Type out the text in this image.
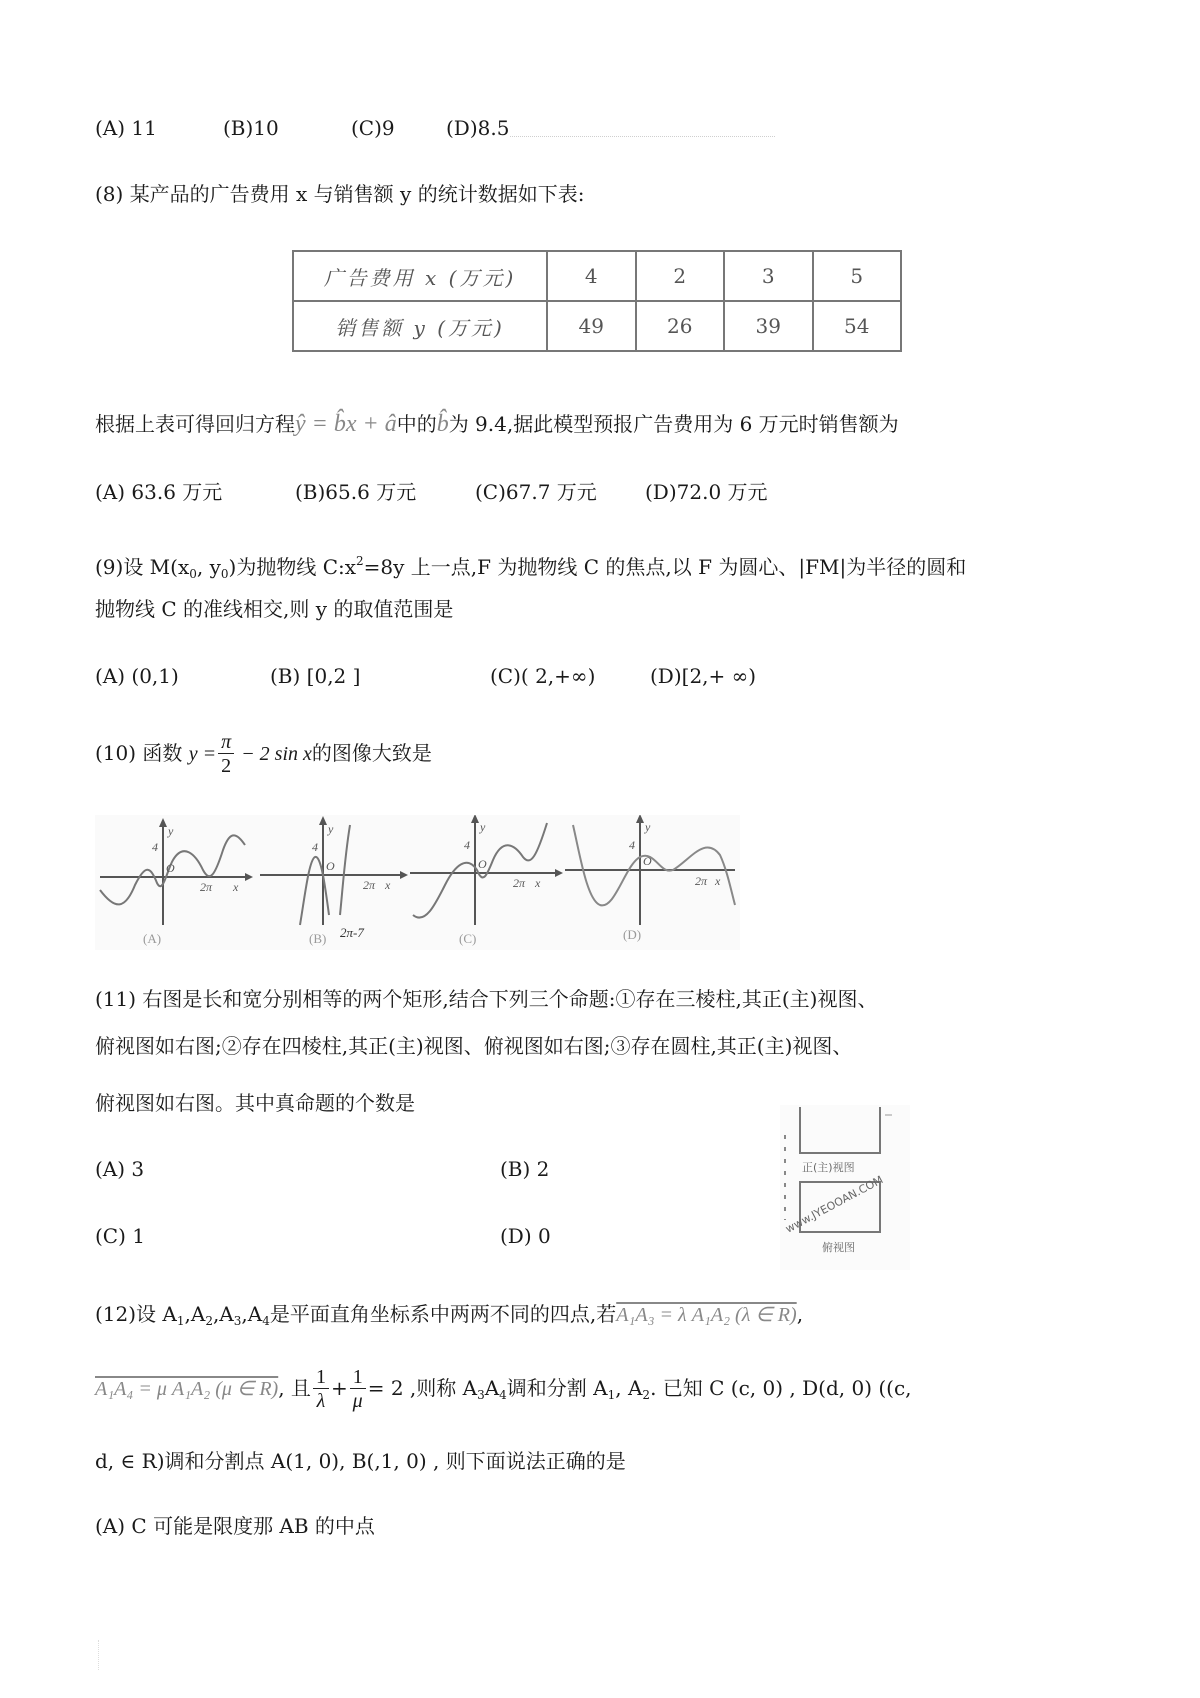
(A) 11	(B)10	(C)9	(D)8.5
(8) 某产品的广告费用 x 与销售额 y 的统计数据如下表:
广告费用 x (万元)	4	2	3	5
销售额 y (万元)	49	26	39	54
根据上表可得回归方程ŷ = b̂x + â中的b̂为 9.4,据此模型预报广告费用为 6 万元时销售额为
(A) 63.6 万元	(B)65.6 万元	(C)67.7 万元 (D)72.0 万元
(9)设 $M(x_0$, $y_0$)为抛物线 $C:x^2=8y$ 上一点,F 为抛物线 C 的焦点,以 F 为圆心、|FM|为半径的圆和
抛物线 C 的准线相交,则 y 的取值范围是
(A) (0,1)	(B) [0,2 ]	(C)( 2,+∞)	(D)[2,+ ∞)
(10) 函数 $y = \frac{\pi}{2} - 2$ sin x的图像大致是
y	y	y	y
x	x	x	x
4	4	4	4
O	O	O	O
2π	2π	2π	2π
(A)	(B)	(C)	(D)
2π-7
(11) 右图是长和宽分别相等的两个矩形,结合下列三个命题:①存在三棱柱,其正(主)视图、
俯视图如右图;②存在四棱柱,其正(主)视图、俯视图如右图;③存在圆柱,其正(主)视图、
俯视图如右图。其中真命题的个数是
(A) 3	(B) 2
(C) 1	(D) 0
正(主)视图
www.JYEOOAN.COM
俯视图
(12)设 $A_1,A_2,A_3,A_4$是平面直角坐标系中两两不同的四点,若A₁A₃ = λ A₁A₂ (λ ∈ R),
A₁A₄ = μ A₁A₂ (μ ∈ R), 且 $\frac{1}{\lambda} + \frac{1}{\mu} = 2$ ,则称 $A_3A_4$调和分割 $A_1$, $A_2$. 已知 C (c, 0) , D(d, 0) ((c,
d, ∈ R)调和分割点 A(1, 0), B(,1, 0) , 则下面说法正确的是
(A) C 可能是限度那 AB 的中点
